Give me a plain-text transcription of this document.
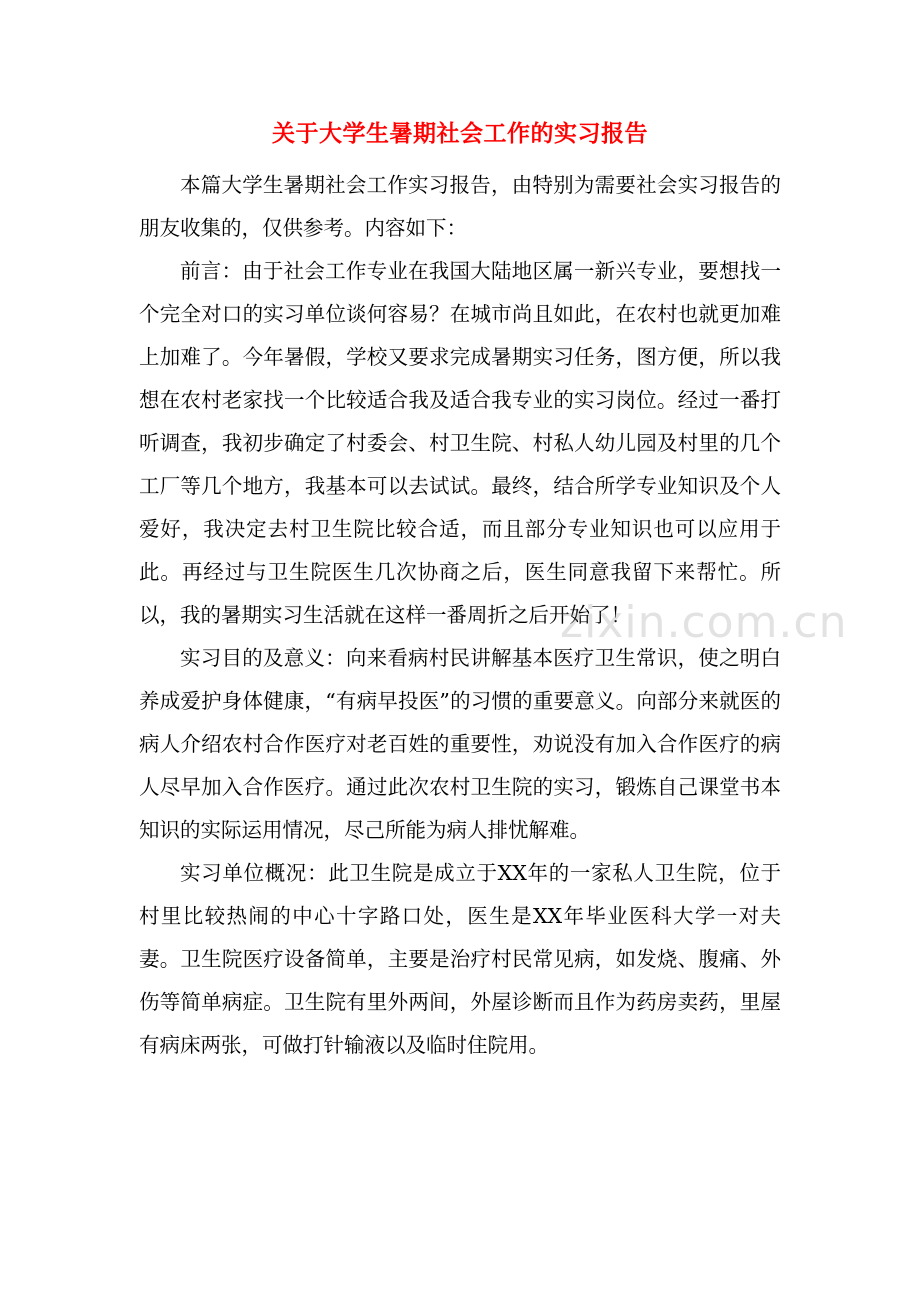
关于大学生暑期社会工作的实习报告

本篇大学生暑期社会工作实习报告，由特别为需要社会实习报告的朋友收集的，仅供参考。内容如下：

前言：由于社会工作专业在我国大陆地区属一新兴专业，要想找一个完全对口的实习单位谈何容易？在城市尚且如此，在农村也就更加难上加难了。今年暑假，学校又要求完成暑期实习任务，图方便，所以我想在农村老家找一个比较适合我及适合我专业的实习岗位。经过一番打听调查，我初步确定了村委会、村卫生院、村私人幼儿园及村里的几个工厂等几个地方，我基本可以去试试。最终，结合所学专业知识及个人爱好，我决定去村卫生院比较合适，而且部分专业知识也可以应用于此。再经过与卫生院医生几次协商之后，医生同意我留下来帮忙。所以，我的暑期实习生活就在这样一番周折之后开始了！

实习目的及意义：向来看病村民讲解基本医疗卫生常识，使之明白养成爱护身体健康，“有病早投医”的习惯的重要意义。向部分来就医的病人介绍农村合作医疗对老百姓的重要性，劝说没有加入合作医疗的病人尽早加入合作医疗。通过此次农村卫生院的实习，锻炼自己课堂书本知识的实际运用情况，尽己所能为病人排忧解难。

实习单位概况：此卫生院是成立于XX年的一家私人卫生院，位于村里比较热闹的中心十字路口处，医生是XX年毕业医科大学一对夫妻。卫生院医疗设备简单，主要是治疗村民常见病，如发烧、腹痛、外伤等简单病症。卫生院有里外两间，外屋诊断而且作为药房卖药，里屋有病床两张，可做打针输液以及临时住院用。

zixin.com.cn
